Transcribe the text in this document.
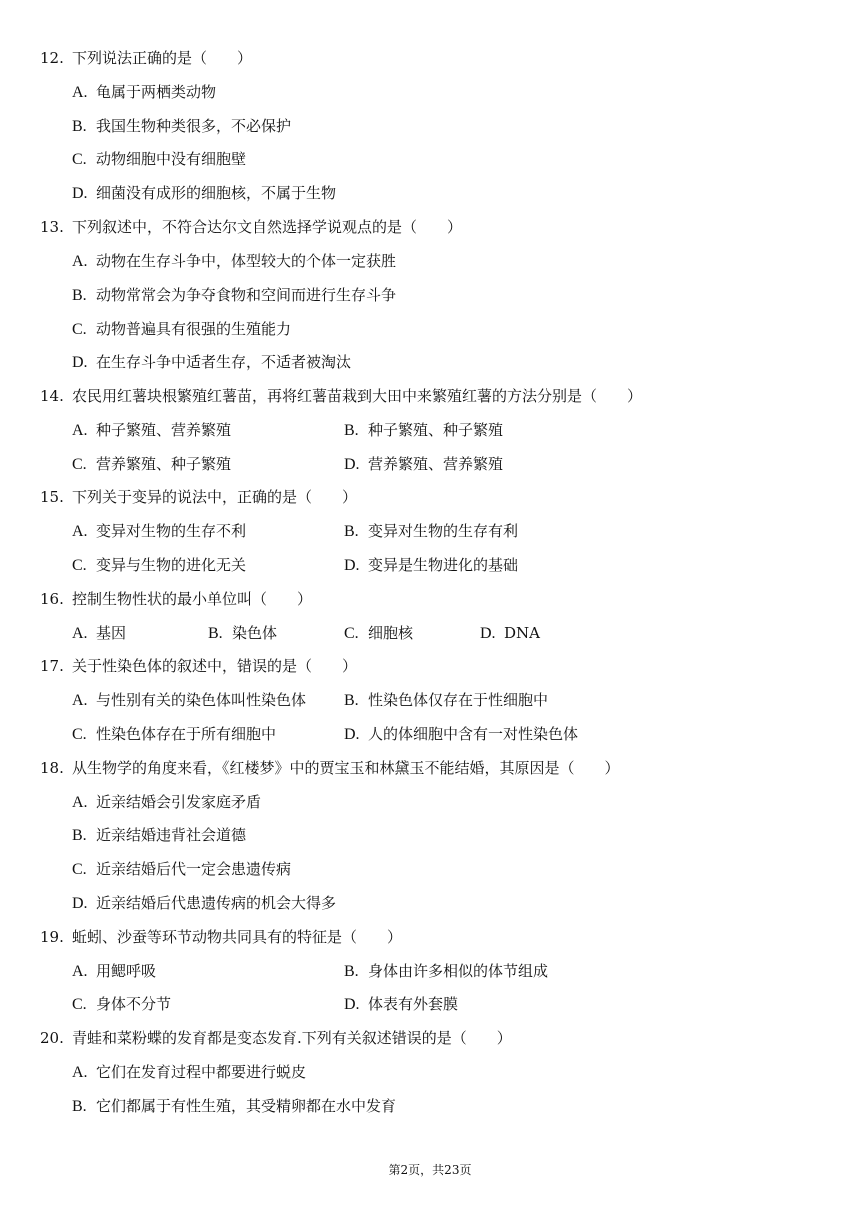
12. 下列说法正确的是（　　）
A. 龟属于两栖类动物
B. 我国生物种类很多，不必保护
C. 动物细胞中没有细胞壁
D. 细菌没有成形的细胞核，不属于生物
13. 下列叙述中，不符合达尔文自然选择学说观点的是（　　）
A. 动物在生存斗争中，体型较大的个体一定获胜
B. 动物常常会为争夺食物和空间而进行生存斗争
C. 动物普遍具有很强的生殖能力
D. 在生存斗争中适者生存，不适者被淘汰
14. 农民用红薯块根繁殖红薯苗，再将红薯苗栽到大田中来繁殖红薯的方法分别是（　　）
A. 种子繁殖、营养繁殖	B. 种子繁殖、种子繁殖
C. 营养繁殖、种子繁殖	D. 营养繁殖、营养繁殖
15. 下列关于变异的说法中，正确的是（　　）
A. 变异对生物的生存不利	B. 变异对生物的生存有利
C. 变异与生物的进化无关	D. 变异是生物进化的基础
16. 控制生物性状的最小单位叫（　　）
A. 基因	B. 染色体	C. 细胞核	D. DNA
17. 关于性染色体的叙述中，错误的是（　　）
A. 与性别有关的染色体叫性染色体 B. 性染色体仅存在于性细胞中
C. 性染色体存在于所有细胞中	D. 人的体细胞中含有一对性染色体
18. 从生物学的角度来看，《红楼梦》中的贾宝玉和林黛玉不能结婚，其原因是（　　）
A. 近亲结婚会引发家庭矛盾
B. 近亲结婚违背社会道德
C. 近亲结婚后代一定会患遗传病
D. 近亲结婚后代患遗传病的机会大得多
19. 蚯蚓、沙蚕等环节动物共同具有的特征是（　　）
A. 用鳃呼吸	B. 身体由许多相似的体节组成
C. 身体不分节	D. 体表有外套膜
20. 青蛙和菜粉蝶的发育都是变态发育.下列有关叙述错误的是（　　）
A. 它们在发育过程中都要进行蜕皮
B. 它们都属于有性生殖，其受精卵都在水中发育
第2页，共23页
